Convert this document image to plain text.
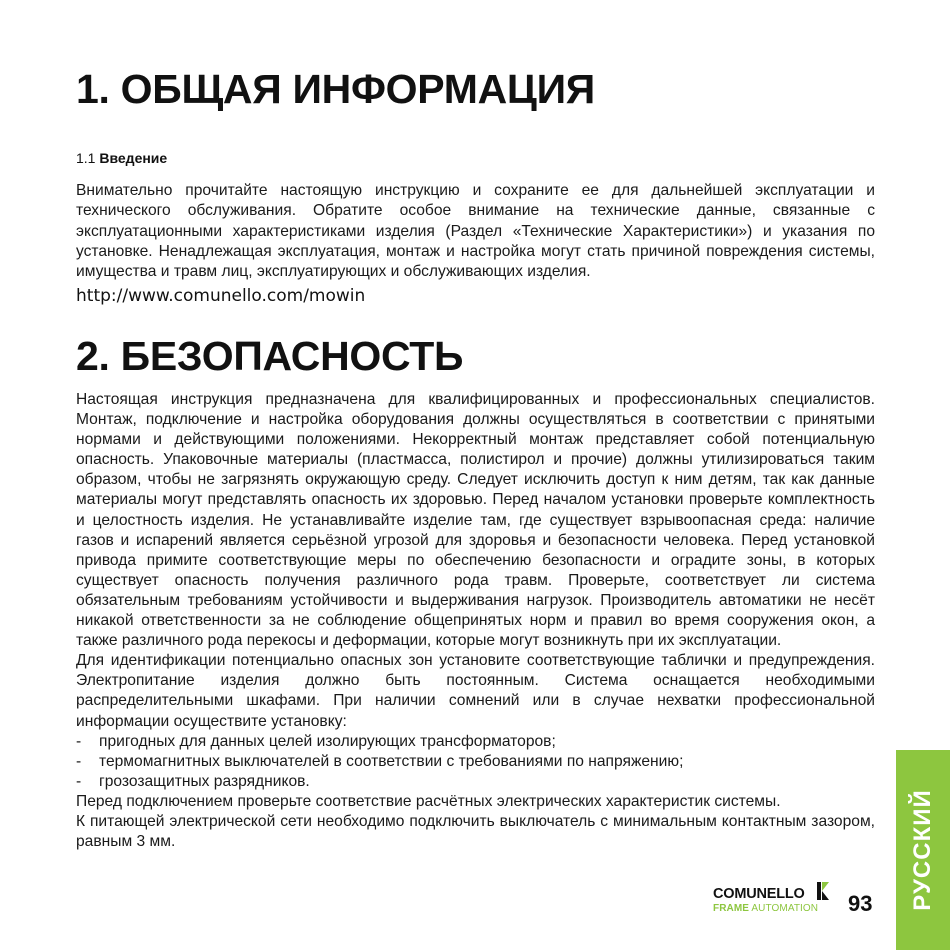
1. ОБЩАЯ ИНФОРМАЦИЯ
1.1 Введение

Внимательно прочитайте настоящую инструкцию и сохраните ее для дальнейшей эксплуатации и технического обслуживания. Обратите особое внимание на технические данные, связанные с эксплуатационными характеристиками изделия (Раздел «Технические Характеристики») и указания по установке. Ненадлежащая эксплуатация, монтаж и настройка могут стать причиной повреждения системы, имущества и травм лиц, эксплуатирующих и обслуживающих изделия.

http://www.comunello.com/mowin
2. БЕЗОПАСНОСТЬ

Настоящая инструкция предназначена для квалифицированных и профессиональных специалистов. Монтаж, подключение и настройка оборудования должны осуществляться в соответствии с принятыми нормами и действующими положениями. Некорректный монтаж представляет собой потенциальную опасность. Упаковочные материалы (пластмасса, полистирол и прочие) должны утилизироваться таким образом, чтобы не загрязнять окружающую среду. Следует исключить доступ к ним детям, так как данные материалы могут представлять опасность их здоровью. Перед началом установки проверьте комплектность и целостность изделия. Не устанавливайте изделие там, где существует взрывоопасная среда: наличие газов и испарений является серьёзной угрозой для здоровья и безопасности человека. Перед установкой привода примите соответствующие меры по обеспечению безопасности и оградите зоны, в которых существует опасность получения различного рода травм. Проверьте, соответствует ли система обязательным требованиям устойчивости и выдерживания нагрузок. Производитель автоматики не несёт никакой ответственности за не соблюдение общепринятых норм и правил во время сооружения окон, а также различного рода перекосы и деформации, которые могут возникнуть при их эксплуатации.

Для идентификации потенциально опасных зон установите соответствующие таблички и предупреждения. Электропитание изделия должно быть постоянным. Система оснащается необходимыми распределительными шкафами. При наличии сомнений или в случае нехватки профессиональной информации осуществите установку:

- пригодных для данных целей изолирующих трансформаторов;
- термомагнитных выключателей в соответствии с требованиями по напряжению;
- грозозащитных разрядников.

Перед подключением проверьте соответствие расчётных электрических характеристик системы.

К питающей электрической сети необходимо подключить выключатель с минимальным контактным зазором, равным 3 мм.

COMUNELLO
FRAME AUTOMATION 93 РУССКИЙ
